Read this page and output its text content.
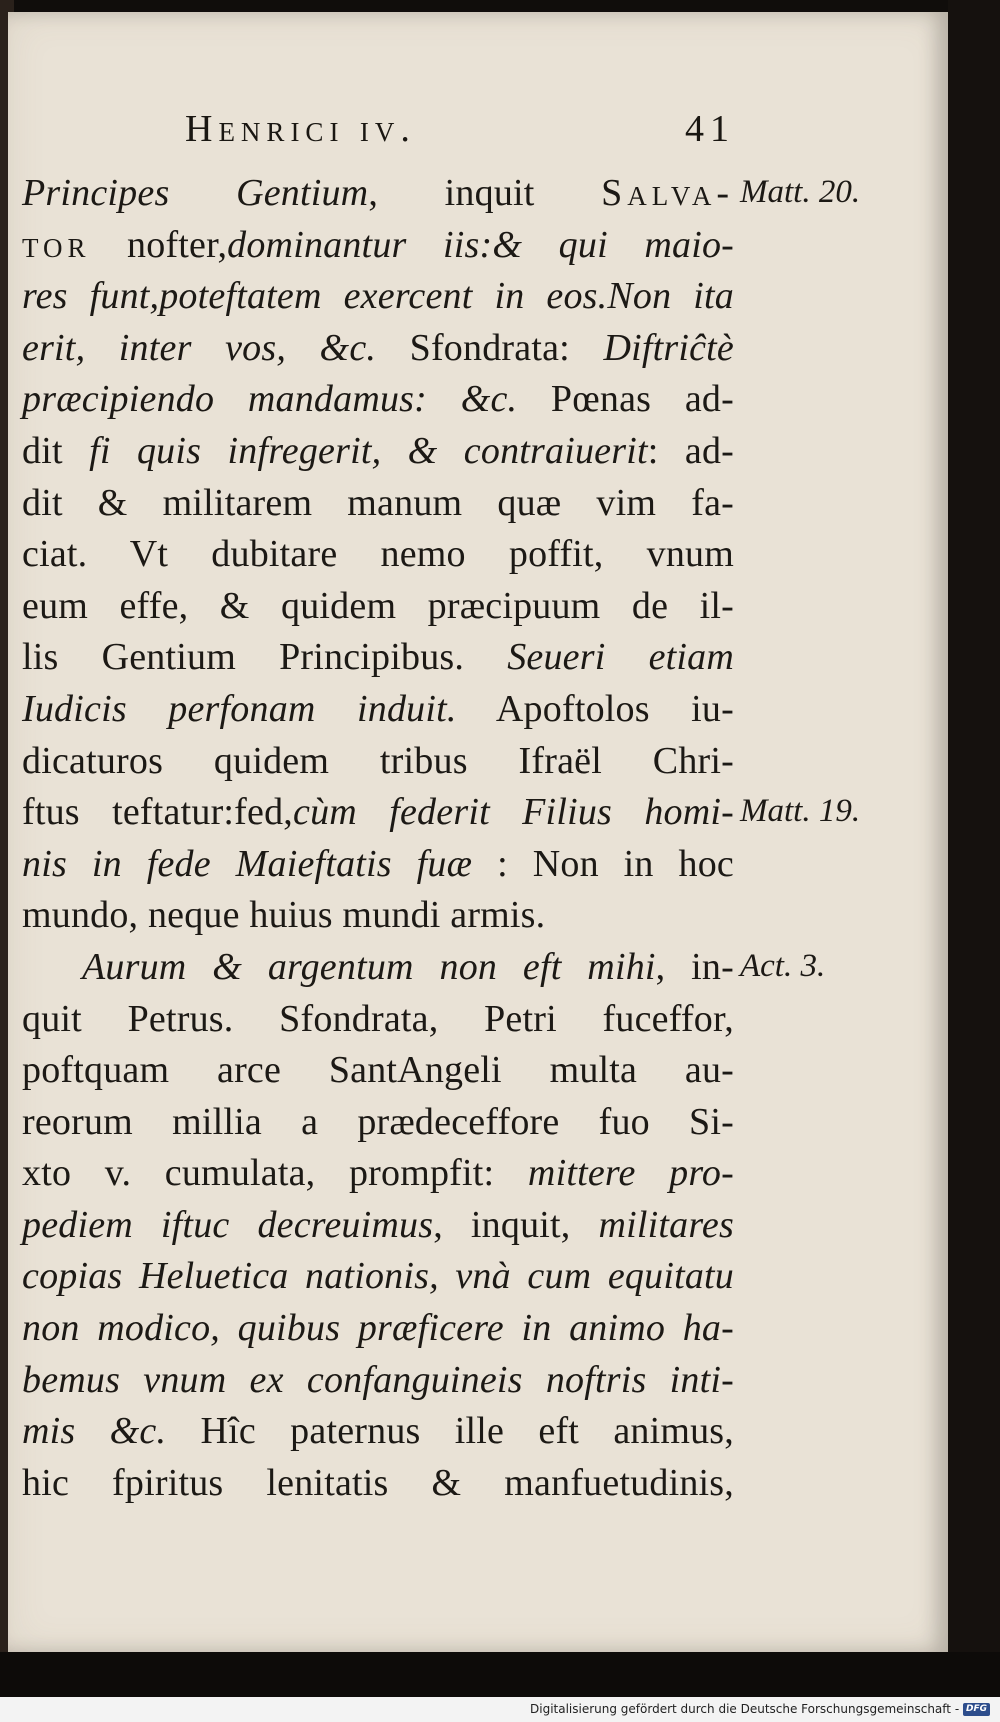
Henrici iv.	41
Principes Gentium, inquit Salva-
tor nofter,dominantur iis:& qui maio-
res funt,poteftatem exercent in eos.Non ita
erit, inter vos, &c. Sfondrata: Diftriĉtè
præcipiendo mandamus: &c. Pœnas ad-
dit fi quis infregerit, & contraiuerit: ad-
dit & militarem manum quæ vim fa-
ciat. Vt dubitare nemo poffit, vnum
eum effe, & quidem præcipuum de il-
lis Gentium Principibus. Seueri etiam
Iudicis perfonam induit. Apoftolos iu-
dicaturos quidem tribus Ifraël Chri-
ftus teftatur:fed,cùm federit Filius homi-
nis in fede Maieftatis fuæ : Non in hoc
mundo, neque huius mundi armis.
Aurum & argentum non eft mihi, in-
quit Petrus. Sfondrata, Petri fuceffor,
poftquam arce SantAngeli multa au-
reorum millia a prædeceffore fuo Si-
xto v. cumulata, prompfit: mittere pro-
pediem iftuc decreuimus, inquit, militares
copias Heluetica nationis, vnà cum equitatu
non modico, quibus præficere in animo ha-
bemus vnum ex confanguineis noftris inti-
mis &c. Hîc paternus ille eft animus,
hic fpiritus lenitatis & manfuetudinis,
Matt. 20.
Matt. 19.
Act. 3.
Digitalisierung gefördert durch die Deutsche Forschungsgemeinschaft - DFG
